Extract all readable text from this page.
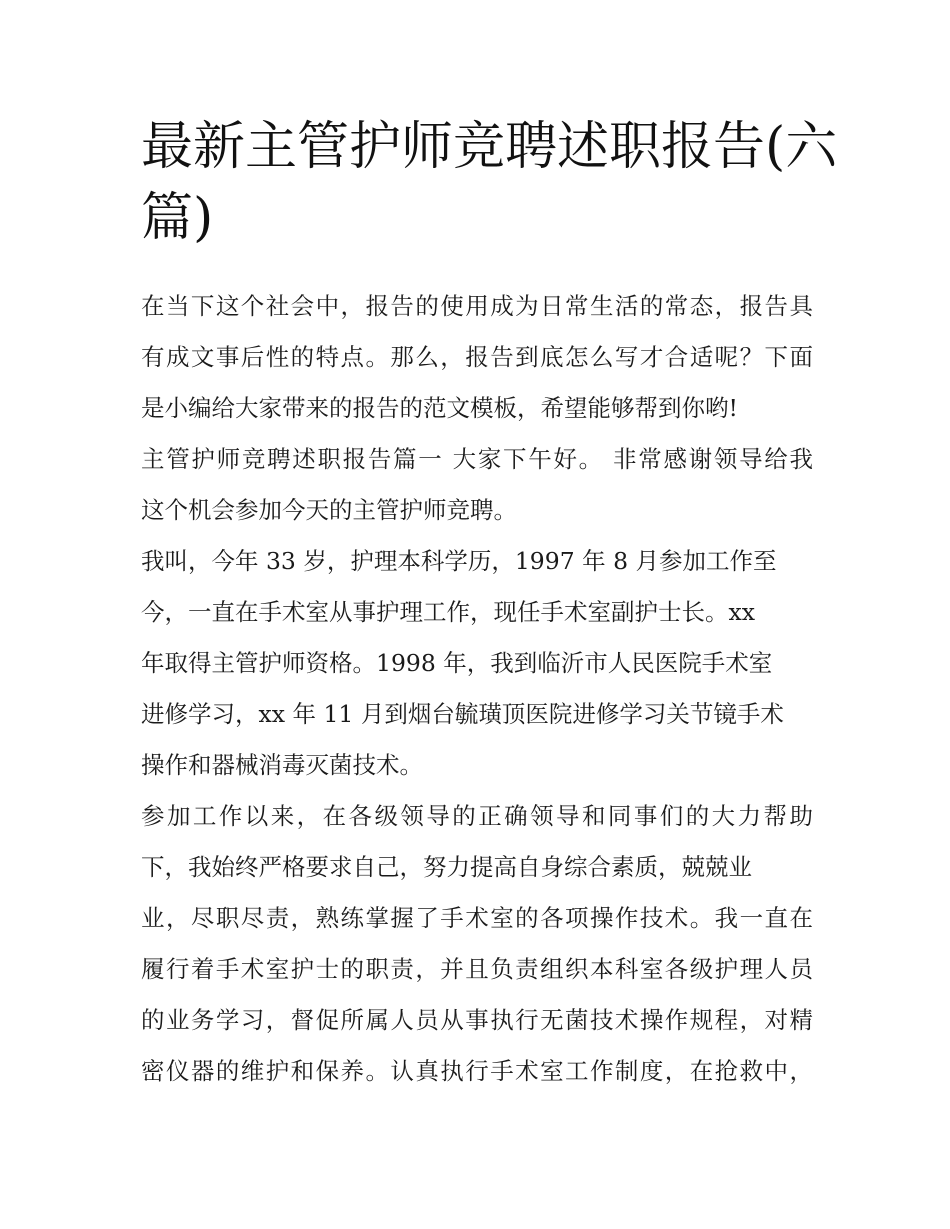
最新主管护师竞聘述职报告(六
篇)
在当下这个社会中，报告的使用成为日常生活的常态，报告具
有成文事后性的特点。那么，报告到底怎么写才合适呢？下面
是小编给大家带来的报告的范文模板，希望能够帮到你哟!
主管护师竞聘述职报告篇一 大家下午好。 非常感谢领导给我
这个机会参加今天的主管护师竞聘。
我叫，今年 33 岁，护理本科学历，1997 年 8 月参加工作至
今，一直在手术室从事护理工作，现任手术室副护士长。xx
年取得主管护师资格。1998 年，我到临沂市人民医院手术室
进修学习，xx 年 11 月到烟台毓璜顶医院进修学习关节镜手术
操作和器械消毒灭菌技术。
参加工作以来，在各级领导的正确领导和同事们的大力帮助
下，我始终严格要求自己，努力提高自身综合素质，兢兢业
业，尽职尽责，熟练掌握了手术室的各项操作技术。我一直在
履行着手术室护士的职责，并且负责组织本科室各级护理人员
的业务学习，督促所属人员从事执行无菌技术操作规程，对精
密仪器的维护和保养。认真执行手术室工作制度，在抢救中，
